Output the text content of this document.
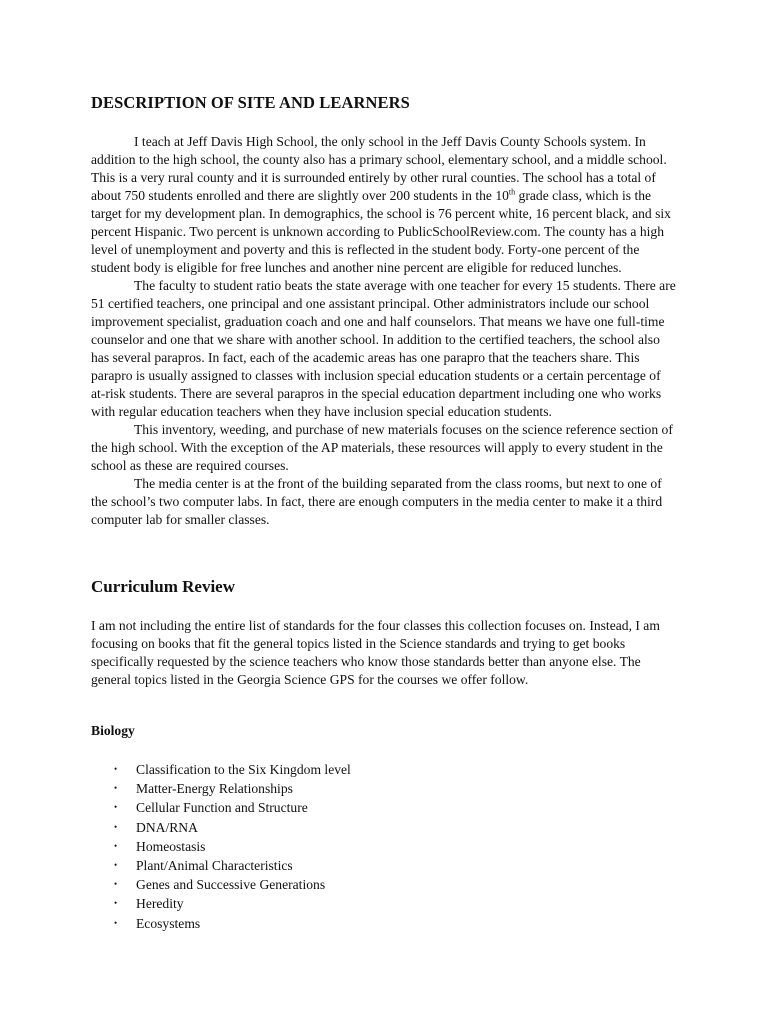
DESCRIPTION OF SITE AND LEARNERS

I teach at Jeff Davis High School, the only school in the Jeff Davis County Schools system. In addition to the high school, the county also has a primary school, elementary school, and a middle school. This is a very rural county and it is surrounded entirely by other rural counties. The school has a total of about 750 students enrolled and there are slightly over 200 students in the 10th grade class, which is the target for my development plan. In demographics, the school is 76 percent white, 16 percent black, and six percent Hispanic. Two percent is unknown according to PublicSchoolReview.com. The county has a high level of unemployment and poverty and this is reflected in the student body. Forty-one percent of the student body is eligible for free lunches and another nine percent are eligible for reduced lunches.

The faculty to student ratio beats the state average with one teacher for every 15 students. There are 51 certified teachers, one principal and one assistant principal. Other administrators include our school improvement specialist, graduation coach and one and half counselors. That means we have one full-time counselor and one that we share with another school. In addition to the certified teachers, the school also has several parapros. In fact, each of the academic areas has one parapro that the teachers share. This parapro is usually assigned to classes with inclusion special education students or a certain percentage of at-risk students. There are several parapros in the special education department including one who works with regular education teachers when they have inclusion special education students.

This inventory, weeding, and purchase of new materials focuses on the science reference section of the high school. With the exception of the AP materials, these resources will apply to every student in the school as these are required courses.

The media center is at the front of the building separated from the class rooms, but next to one of the school’s two computer labs. In fact, there are enough computers in the media center to make it a third computer lab for smaller classes.

Curriculum Review

I am not including the entire list of standards for the four classes this collection focuses on. Instead, I am focusing on books that fit the general topics listed in the Science standards and trying to get books specifically requested by the science teachers who know those standards better than anyone else. The general topics listed in the Georgia Science GPS for the courses we offer follow.

Biology
•	Classification to the Six Kingdom level
•	Matter-Energy Relationships
•	Cellular Function and Structure
•	DNA/RNA
•	Homeostasis
•	Plant/Animal Characteristics
•	Genes and Successive Generations
•	Heredity
•	Ecosystems
